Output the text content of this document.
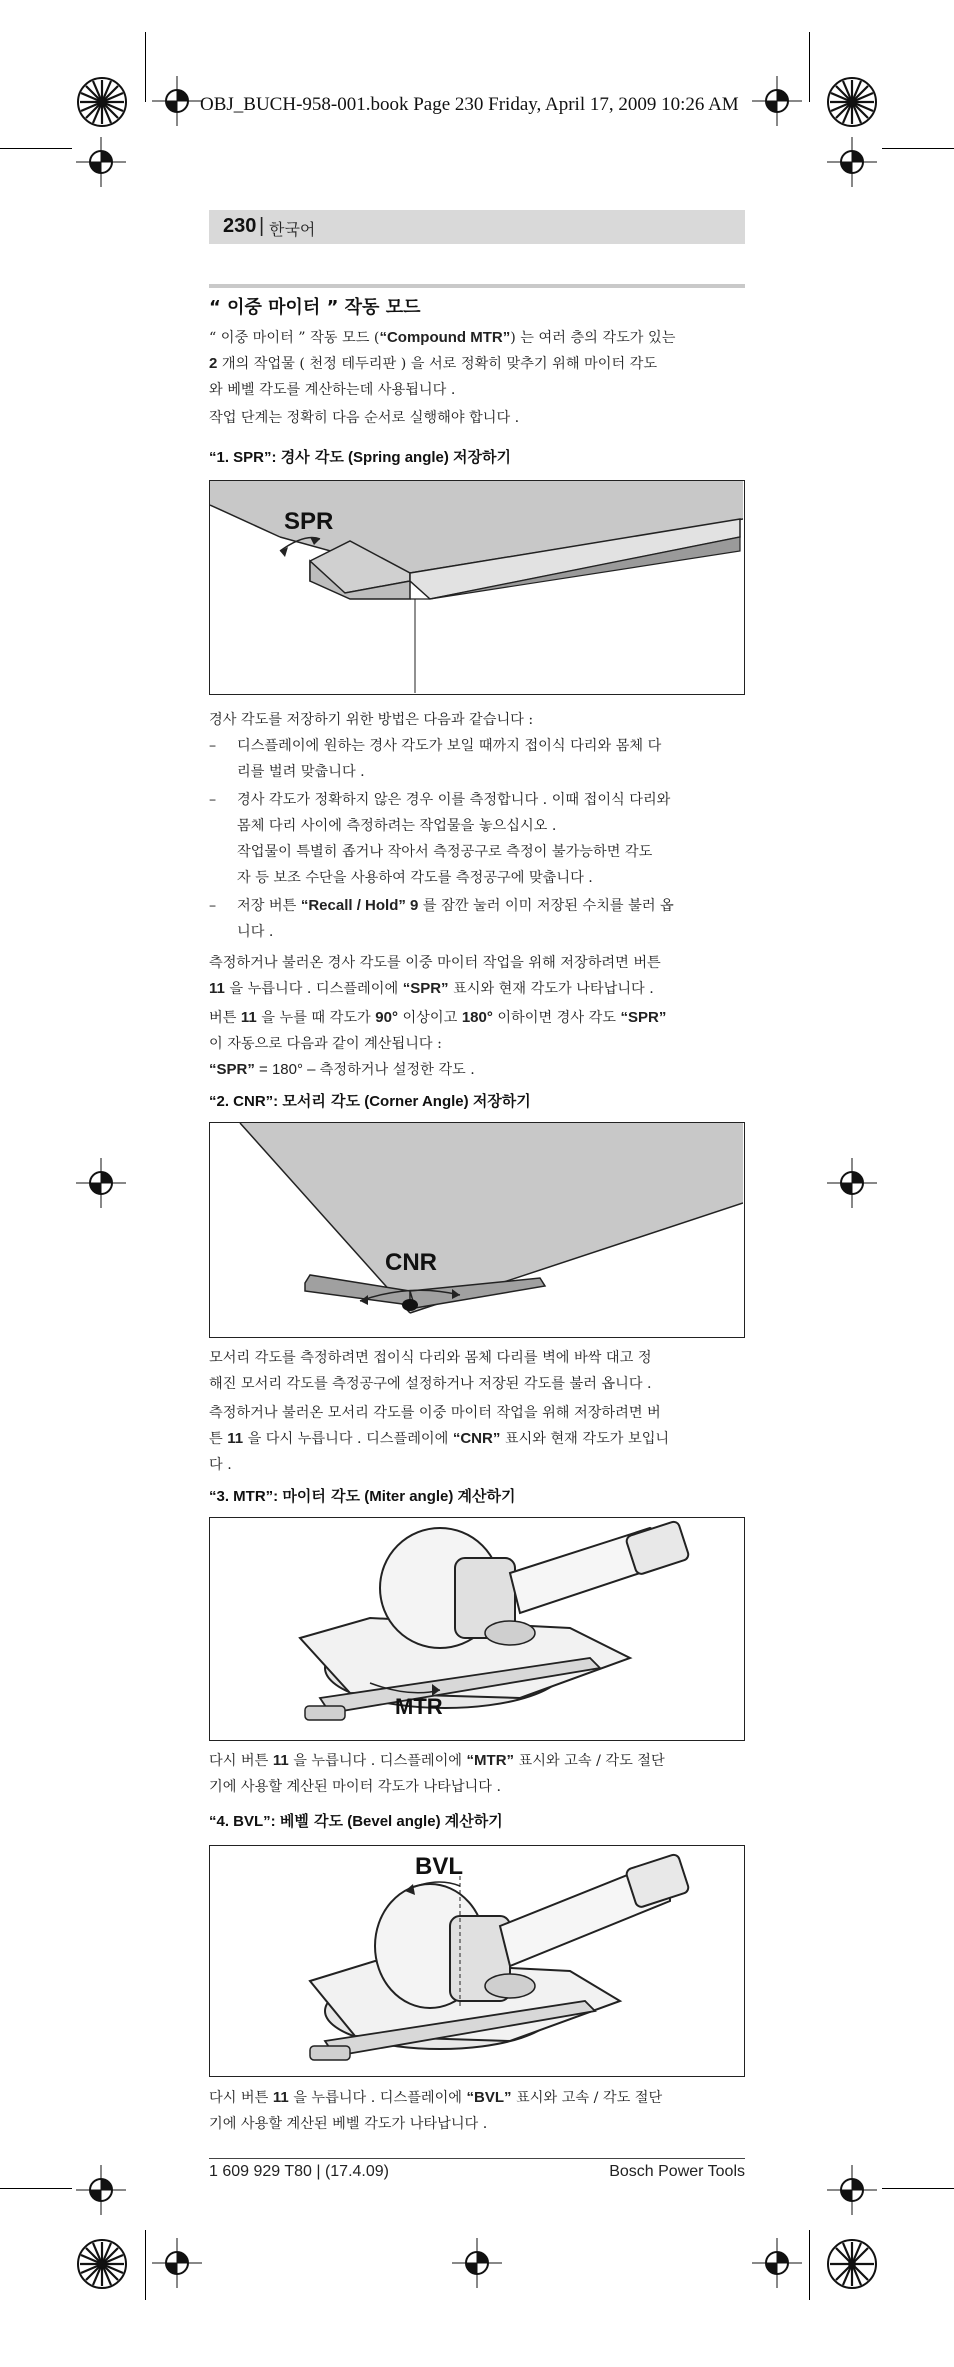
OBJ_BUCH-958-001.book Page 230 Friday, April 17, 2009 10:26 AM
230 | 한국어
“ 이중 마이터 ” 작동 모드
“ 이중 마이터 ” 작동 모드 (“Compound MTR”) 는 여러 층의 각도가 있는
2 개의 작업물 ( 천정 테두리판 ) 을 서로 정확히 맞추기 위해 마이터 각도
와 베벨 각도를 계산하는데 사용됩니다 .
작업 단계는 정확히 다음 순서로 실행해야 합니다 .
“1. SPR”: 경사 각도 (Spring angle) 저장하기
SPR
경사 각도를 저장하기 위한 방법은 다음과 같습니다 :
–	디스플레이에 원하는 경사 각도가 보일 때까지 접이식 다리와 몸체 다
리를 벌려 맞춥니다 .
–	경사 각도가 정확하지 않은 경우 이를 측정합니다 . 이때 접이식 다리와
몸체 다리 사이에 측정하려는 작업물을 놓으십시오 .
작업물이 특별히 좁거나 작아서 측정공구로 측정이 불가능하면 각도
자 등 보조 수단을 사용하여 각도를 측정공구에 맞춥니다 .
–	저장 버튼 “Recall / Hold” 9 를 잠깐 눌러 이미 저장된 수치를 불러 옵
니다 .
측정하거나 불러온 경사 각도를 이중 마이터 작업을 위해 저장하려면 버튼
11 을 누릅니다 . 디스플레이에 “SPR” 표시와 현재 각도가 나타납니다 .
버튼 11 을 누를 때 각도가 90° 이상이고 180° 이하이면 경사 각도 “SPR”
이 자동으로 다음과 같이 계산됩니다 :
“SPR” = 180° – 측정하거나 설정한 각도 .
“2. CNR”: 모서리 각도 (Corner Angle) 저장하기
CNR
모서리 각도를 측정하려면 접이식 다리와 몸체 다리를 벽에 바싹 대고 정
해진 모서리 각도를 측정공구에 설정하거나 저장된 각도를 불러 옵니다 .
측정하거나 불러온 모서리 각도를 이중 마이터 작업을 위해 저장하려면 버
튼 11 을 다시 누릅니다 . 디스플레이에 “CNR” 표시와 현재 각도가 보입니
다 .
“3. MTR”: 마이터 각도 (Miter angle) 계산하기
MTR
다시 버튼 11 을 누릅니다 . 디스플레이에 “MTR” 표시와 고속 / 각도 절단
기에 사용할 계산된 마이터 각도가 나타납니다 .
“4. BVL”: 베벨 각도 (Bevel angle) 계산하기
BVL
다시 버튼 11 을 누릅니다 . 디스플레이에 “BVL” 표시와 고속 / 각도 절단
기에 사용할 계산된 베벨 각도가 나타납니다 .
1 609 929 T80 | (17.4.09)	Bosch Power Tools
